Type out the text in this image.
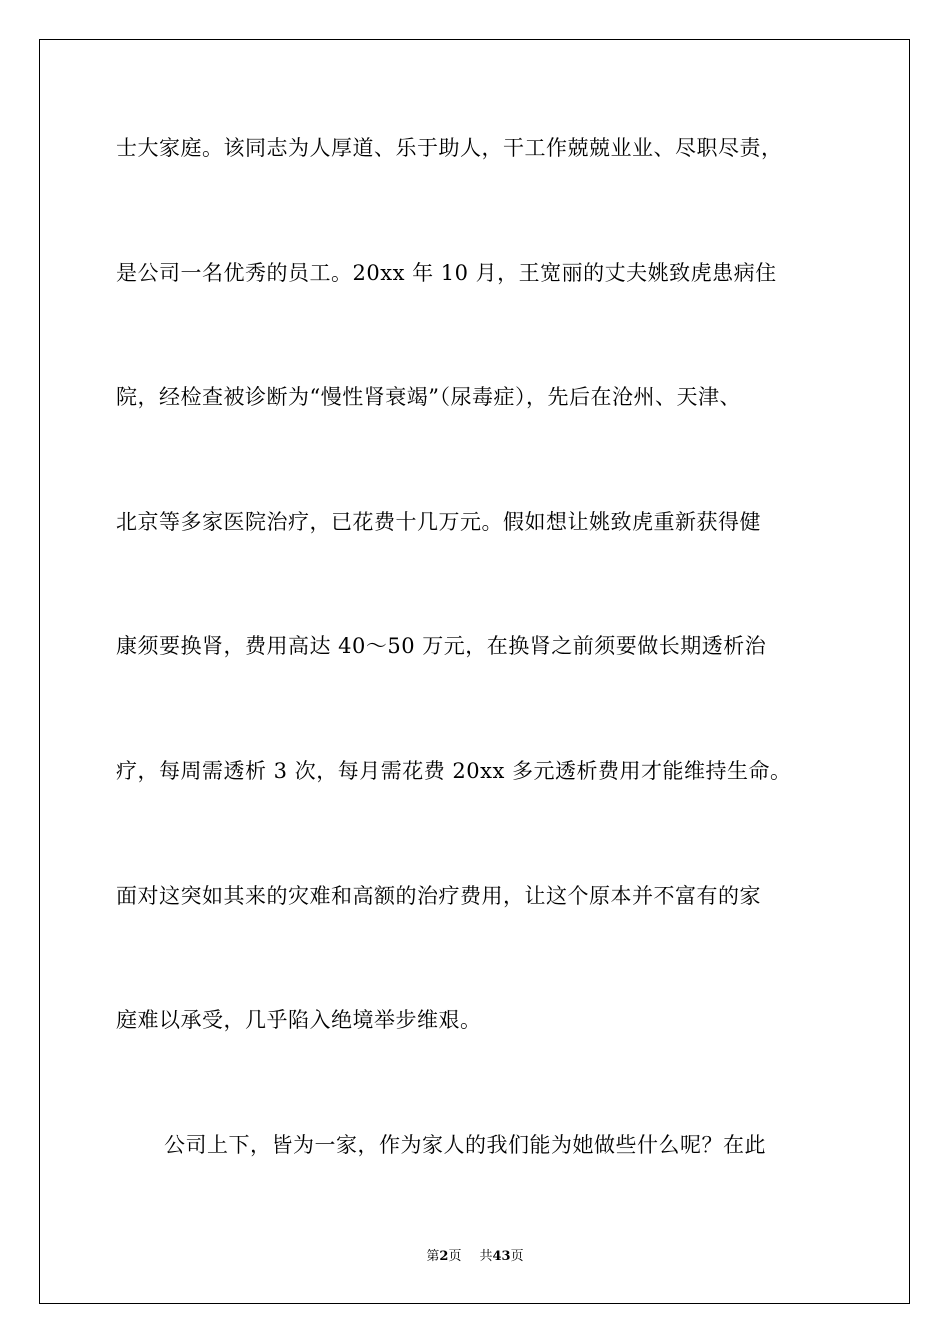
士大家庭。该同志为人厚道、乐于助人，干工作兢兢业业、尽职尽责，
是公司一名优秀的员工。20xx 年 10 月，王宽丽的丈夫姚致虎患病住
院，经检查被诊断为“慢性肾衰竭”（尿毒症），先后在沧州、天津、
北京等多家医院治疗，已花费十几万元。假如想让姚致虎重新获得健
康须要换肾，费用高达 40～50 万元，在换肾之前须要做长期透析治
疗，每周需透析 3 次，每月需花费 20xx 多元透析费用才能维持生命。
面对这突如其来的灾难和高额的治疗费用，让这个原本并不富有的家
庭难以承受，几乎陷入绝境举步维艰。
公司上下，皆为一家，作为家人的我们能为她做些什么呢？在此
第2页 共43页
